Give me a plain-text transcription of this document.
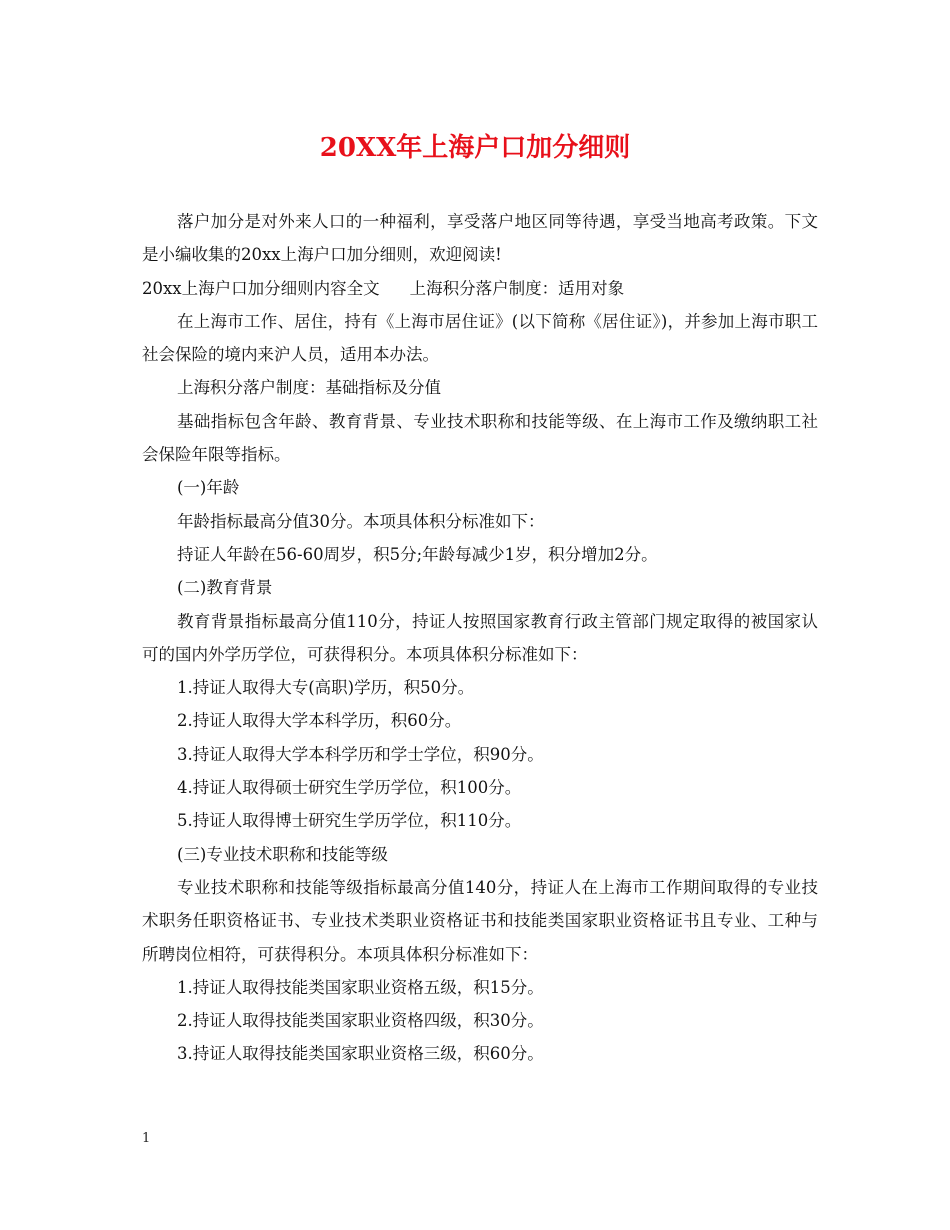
20XX年上海户口加分细则

落户加分是对外来人口的一种福利，享受落户地区同等待遇，享受当地高考政策。下文是小编收集的20xx上海户口加分细则，欢迎阅读!

20xx上海户口加分细则内容全文 上海积分落户制度：适用对象

在上海市工作、居住，持有《上海市居住证》(以下简称《居住证》)，并参加上海市职工社会保险的境内来沪人员，适用本办法。

上海积分落户制度：基础指标及分值

基础指标包含年龄、教育背景、专业技术职称和技能等级、在上海市工作及缴纳职工社会保险年限等指标。

(一)年龄

年龄指标最高分值30分。本项具体积分标准如下：

持证人年龄在56-60周岁，积5分;年龄每减少1岁，积分增加2分。

(二)教育背景

教育背景指标最高分值110分，持证人按照国家教育行政主管部门规定取得的被国家认可的国内外学历学位，可获得积分。本项具体积分标准如下：

1.持证人取得大专(高职)学历，积50分。

2.持证人取得大学本科学历，积60分。

3.持证人取得大学本科学历和学士学位，积90分。

4.持证人取得硕士研究生学历学位，积100分。

5.持证人取得博士研究生学历学位，积110分。

(三)专业技术职称和技能等级

专业技术职称和技能等级指标最高分值140分，持证人在上海市工作期间取得的专业技术职务任职资格证书、专业技术类职业资格证书和技能类国家职业资格证书且专业、工种与所聘岗位相符，可获得积分。本项具体积分标准如下：

1.持证人取得技能类国家职业资格五级，积15分。

2.持证人取得技能类国家职业资格四级，积30分。

3.持证人取得技能类国家职业资格三级，积60分。

1
